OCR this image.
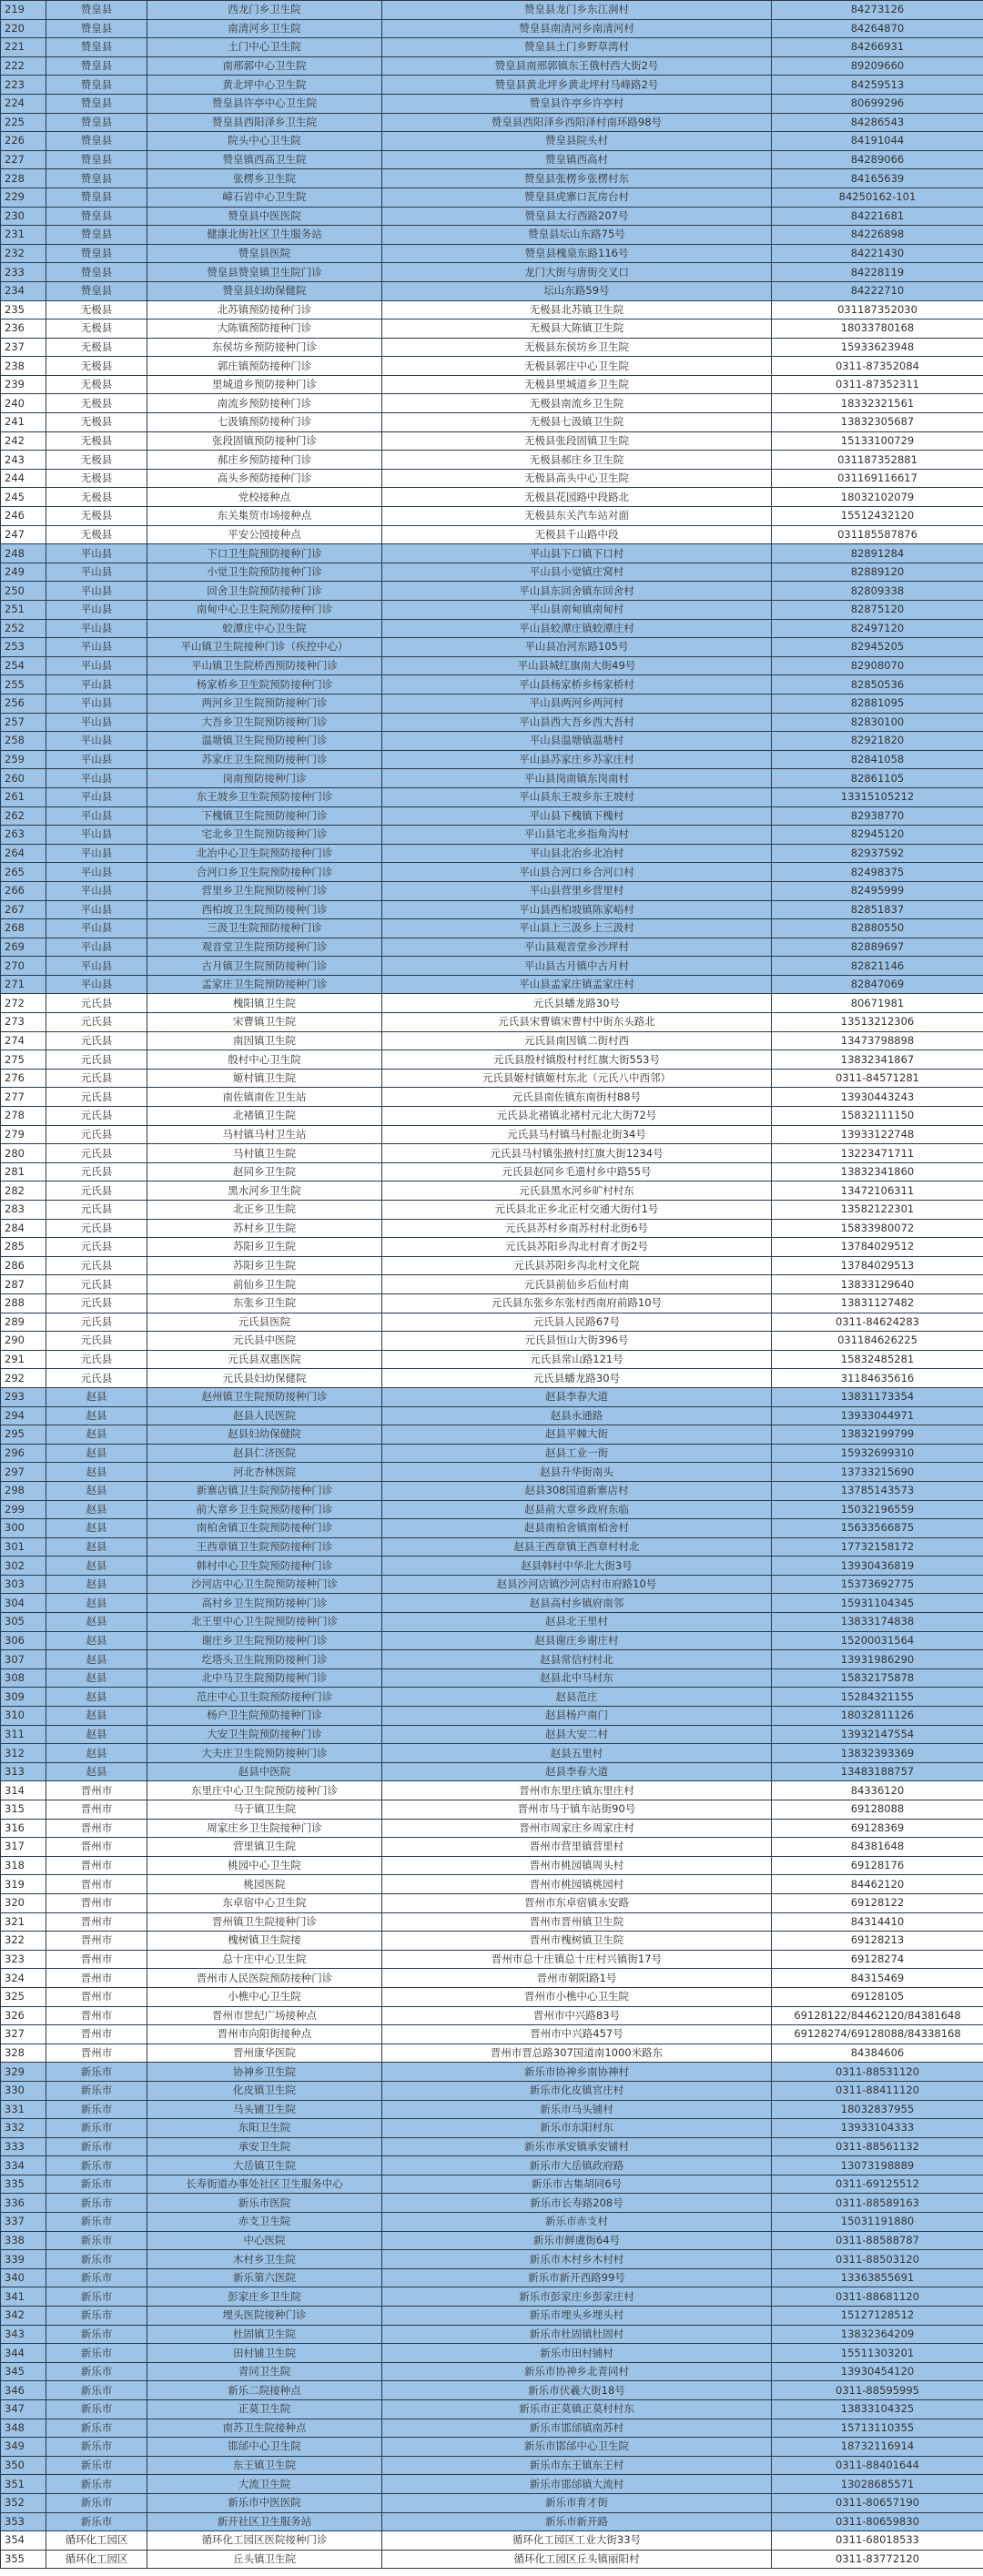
219	赞皇县	西龙门乡卫生院	赞皇县龙门乡东江洞村	84273126
220	赞皇县	南清河乡卫生院	赞皇县南清河乡南清河村	84264870
221	赞皇县	土门中心卫生院	赞皇县土门乡野草湾村	84266931
222	赞皇县	南邢郭中心卫生院	赞皇县南邢郭镇东王俄村西大街2号	89209660
223	赞皇县	黄北坪中心卫生院	赞皇县黄北坪乡黄北坪村马峰路2号	84259513
224	赞皇县	赞皇县许亭中心卫生院	赞皇县许亭乡许亭村	80699296
225	赞皇县	赞皇县西阳泽乡卫生院	赞皇县西阳泽乡西阳泽村南环路98号	84286543
226	赞皇县	院头中心卫生院	赞皇县院头村	84191044
227	赞皇县	赞皇镇西高卫生院	赞皇镇西高村	84289066
228	赞皇县	张楞乡卫生院	赞皇县张楞乡张楞村东	84165639
229	赞皇县	嶂石岩中心卫生院	赞皇县虎寨口瓦房台村	84250162-101
230	赞皇县	赞皇县中医医院	赞皇县太行西路207号	84221681
231	赞皇县	健康北街社区卫生服务站	赞皇县坛山东路75号	84226898
232	赞皇县	赞皇县医院	赞皇县槐泉东路116号	84221430
233	赞皇县	赞皇县赞皇镇卫生院门诊	龙门大街与唐街交叉口	84228119
234	赞皇县	赞皇县妇幼保健院	坛山东路59号	84222710
235	无极县	北苏镇预防接种门诊	无极县北苏镇卫生院	031187352030
236	无极县	大陈镇预防接种门诊	无极县大陈镇卫生院	18033780168
237	无极县	东侯坊乡预防接种门诊	无极县东侯坊乡卫生院	15933623948
238	无极县	郭庄镇预防接种门诊	无极县郭庄中心卫生院	0311-87352084
239	无极县	里城道乡预防接种门诊	无极县里城道乡卫生院	0311-87352311
240	无极县	南流乡预防接种门诊	无极县南流乡卫生院	18332321561
241	无极县	七汲镇预防接种门诊	无极县七汲镇卫生院	13832305687
242	无极县	张段固镇预防接种门诊	无极县张段固镇卫生院	15133100729
243	无极县	郝庄乡预防接种门诊	无极县郝庄乡卫生院	031187352881
244	无极县	高头乡预防接种门诊	无极县高头中心卫生院	031169116617
245	无极县	党校接种点	无极县花园路中段路北	18032102079
246	无极县	东关集贸市场接种点	无极县东关汽车站对面	15512432120
247	无极县	平安公园接种点	无极县千山路中段	031185587876
248	平山县	下口卫生院预防接种门诊	平山县下口镇下口村	82891284
249	平山县	小觉卫生院预防接种门诊	平山县小觉镇庄窝村	82889120
250	平山县	回舍卫生院预防接种门诊	平山县东回舍镇东回舍村	82809338
251	平山县	南甸中心卫生院预防接种门诊	平山县南甸镇南甸村	82875120
252	平山县	蛟潭庄中心卫生院	平山县蛟潭庄镇蛟潭庄村	82497120
253	平山县	平山镇卫生院接种门诊（疾控中心）	平山县冶河东路105号	82945205
254	平山县	平山镇卫生院桥西预防接种门诊	平山县城红旗南大街49号	82908070
255	平山县	杨家桥乡卫生院预防接种门诊	平山县杨家桥乡杨家桥村	82850536
256	平山县	两河乡卫生院预防接种门诊	平山县两河乡两河村	82881095
257	平山县	大吾乡卫生院预防接种门诊	平山县西大吾乡西大吾村	82830100
258	平山县	温塘镇卫生院预防接种门诊	平山县温塘镇温塘村	82921820
259	平山县	苏家庄卫生院预防接种门诊	平山县苏家庄乡苏家庄村	82841058
260	平山县	岗南预防接种门诊	平山县岗南镇东岗南村	82861105
261	平山县	东王坡乡卫生院预防接种门诊	平山县东王坡乡东王坡村	13315105212
262	平山县	下槐镇卫生院预防接种门诊	平山县下槐镇下槐村	82938770
263	平山县	宅北乡卫生院预防接种门诊	平山县宅北乡指角沟村	82945120
264	平山县	北冶中心卫生院预防接种门诊	平山县北冶乡北冶村	82937592
265	平山县	合河口乡卫生院预防接种门诊	平山县合河口乡合河口村	82498375
266	平山县	营里乡卫生院预防接种门诊	平山县营里乡营里村	82495999
267	平山县	西柏坡卫生院预防接种门诊	平山县西柏坡镇陈家峪村	82851837
268	平山县	三汲卫生院预防接种门诊	平山县上三汲乡上三汲村	82880550
269	平山县	观音堂卫生院预防接种门诊	平山县观音堂乡沙坪村	82889697
270	平山县	古月镇卫生院预防接种门诊	平山县古月镇中古月村	82821146
271	平山县	孟家庄卫生院预防接种门诊	平山县孟家庄镇孟家庄村	82847069
272	元氏县	槐阳镇卫生院	元氏县蟠龙路30号	80671981
273	元氏县	宋曹镇卫生院	元氏县宋曹镇宋曹村中街东头路北	13513212306
274	元氏县	南因镇卫生院	元氏县南因镇二街村西	13473798898
275	元氏县	殷村中心卫生院	元氏县殷村镇殷村村红旗大街553号	13832341867
276	元氏县	姬村镇卫生院	元氏县姬村镇姬村东北（元氏八中西邻）	0311-84571281
277	元氏县	南佐镇南佐卫生站	元氏县南佐镇东南街村88号	13930443243
278	元氏县	北褚镇卫生院	元氏县北褚镇北褚村元北大街72号	15832111150
279	元氏县	马村镇马村卫生站	元氏县马村镇马村振北街34号	13933122748
280	元氏县	马村镇卫生院	元氏县马村镇张掖村红旗大街1234号	13223471711
281	元氏县	赵同乡卫生院	元氏县赵同乡毛遗村乡中路55号	13832341860
282	元氏县	黑水河乡卫生院	元氏县黑水河乡旷村村东	13472106311
283	元氏县	北正乡卫生院	元氏县北正乡北正村交通大街付1号	13582122301
284	元氏县	苏村乡卫生院	元氏县苏村乡南苏村村北街6号	15833980072
285	元氏县	苏阳乡卫生院	元氏县苏阳乡沟北村育才街2号	13784029512
286	元氏县	苏阳乡卫生院	元氏县苏阳乡沟北村文化院	13784029513
287	元氏县	前仙乡卫生院	元氏县前仙乡后仙村南	13833129640
288	元氏县	东张乡卫生院	元氏县东张乡东张村西南府前路10号	13831127482
289	元氏县	元氏县医院	元氏县人民路67号	0311-84624283
290	元氏县	元氏县中医院	元氏县恒山大街396号	031184626225
291	元氏县	元氏县双惠医院	元氏县常山路121号	15832485281
292	元氏县	元氏县妇幼保健院	元氏县蟠龙路30号	31184635616
293	赵县	赵州镇卫生院预防接种门诊	赵县李春大道	13831173354
294	赵县	赵县人民医院	赵县永通路	13933044971
295	赵县	赵县妇幼保健院	赵县平棘大街	13832199799
296	赵县	赵县仁济医院	赵县工业一街	15932699310
297	赵县	河北杏林医院	赵县升华街南头	13733215690
298	赵县	新寨店镇卫生院预防接种门诊	赵县308国道新寨店村	13785143573
299	赵县	前大章乡卫生院预防接种门诊	赵县前大章乡政府东临	15032196559
300	赵县	南柏舍镇卫生院预防接种门诊	赵县南柏舍镇南柏舍村	15633566875
301	赵县	王西章镇卫生院预防接种门诊	赵县王西章镇王西章村村北	17732158172
302	赵县	韩村中心卫生院预防接种门诊	赵县韩村中华北大街3号	13930436819
303	赵县	沙河店中心卫生院预防接种门诊	赵县沙河店镇沙河店村市府路10号	15373692775
304	赵县	高村乡卫生院预防接种门诊	赵县高村乡镇府南邻	15931104345
305	赵县	北王里中心卫生院预防接种门诊	赵县北王里村	13833174838
306	赵县	谢庄乡卫生院预防接种门诊	赵县谢庄乡谢庄村	15200031564
307	赵县	圪塔头卫生院预防接种门诊	赵县常信村村北	13931986290
308	赵县	北中马卫生院预防接种门诊	赵县北中马村东	15832175878
309	赵县	范庄中心卫生院预防接种门诊	赵县范庄	15284321155
310	赵县	杨户卫生院预防接种门诊	赵县杨户南门	18032811126
311	赵县	大安卫生院预防接种门诊	赵县大安二村	13932147554
312	赵县	大夫庄卫生院预防接种门诊	赵县五里村	13832393369
313	赵县	赵县中医院	赵县李春大道	13483188757
314	晋州市	东里庄中心卫生院预防接种门诊	晋州市东里庄镇东里庄村	84336120
315	晋州市	马于镇卫生院	晋州市马于镇车站街90号	69128088
316	晋州市	周家庄乡卫生院接种门诊	晋州市周家庄乡周家庄村	69128369
317	晋州市	营里镇卫生院	晋州市营里镇营里村	84381648
318	晋州市	桃园中心卫生院	晋州市桃园镇周头村	69128176
319	晋州市	桃园医院	晋州市桃园镇桃园村	84462120
320	晋州市	东卓宿中心卫生院	晋州市东卓宿镇永安路	69128122
321	晋州市	晋州镇卫生院接种门诊	晋州市晋州镇卫生院	84314410
322	晋州市	槐树镇卫生院接	晋州市槐树镇卫生院	69128213
323	晋州市	总十庄中心卫生院	晋州市总十庄镇总十庄村兴镇街17号	69128274
324	晋州市	晋州市人民医院预防接种门诊	晋州市朝阳路1号	84315469
325	晋州市	小樵中心卫生院	晋州市小樵中心卫生院	69128105
326	晋州市	晋州市世纪广场接种点	晋州市中兴路83号	69128122/84462120/84381648
327	晋州市	晋州市向阳街接种点	晋州市中兴路457号	69128274/69128088/84338168
328	晋州市	晋州康华医院	晋州市晋总路307国道南1000米路东	84384606
329	新乐市	协神乡卫生院	新乐市协神乡南协神村	0311-88531120
330	新乐市	化皮镇卫生院	新乐市化皮镇官庄村	0311-88411120
331	新乐市	马头铺卫生院	新乐市马头铺村	18032837955
332	新乐市	东阳卫生院	新乐市东阳村东	13933104333
333	新乐市	承安卫生院	新乐市承安镇承安铺村	0311-88561132
334	新乐市	大岳镇卫生院	新乐市大岳镇政府路	13073198889
335	新乐市	长寿街道办事处社区卫生服务中心	新乐市古集胡同6号	0311-69125512
336	新乐市	新乐市医院	新乐市长寿路208号	0311-88589163
337	新乐市	赤支卫生院	新乐市赤支村	15031191880
338	新乐市	中心医院	新乐市鲜虞街64号	0311-88588787
339	新乐市	木村乡卫生院	新乐市木村乡木村村	0311-88503120
340	新乐市	新乐第六医院	新乐市新开西路99号	13363855691
341	新乐市	彭家庄乡卫生院	新乐市彭家庄乡彭家庄村	0311-88681120
342	新乐市	埋头医院接种门诊	新乐市埋头乡埋头村	15127128512
343	新乐市	杜固镇卫生院	新乐市杜固镇杜固村	13832364209
344	新乐市	田村铺卫生院	新乐市田村铺村	15511303201
345	新乐市	青同卫生院	新乐市协神乡北青同村	13930454120
346	新乐市	新乐二院接种点	新乐市伏羲大街18号	0311-88595995
347	新乐市	正莫卫生院	新乐市正莫镇正莫村村东	13833104325
348	新乐市	南苏卫生院接种点	新乐市邯邰镇南苏村	15713110355
349	新乐市	邯邰中心卫生院	新乐市邯邰中心卫生院	18732116914
350	新乐市	东王镇卫生院	新乐市东王镇东王村	0311-88401644
351	新乐市	大流卫生院	新乐市邯邰镇大流村	13028685571
352	新乐市	新乐市中医医院	新乐市育才街	0311-80657190
353	新乐市	新开社区卫生服务站	新乐市新开路	0311-80659830
354	循环化工园区	循环化工园区医院接种门诊	循环化工园区工业大街33号	0311-68018533
355	循环化工园区	丘头镇卫生院	循环化工园区丘头镇丽阳村	0311-83772120
